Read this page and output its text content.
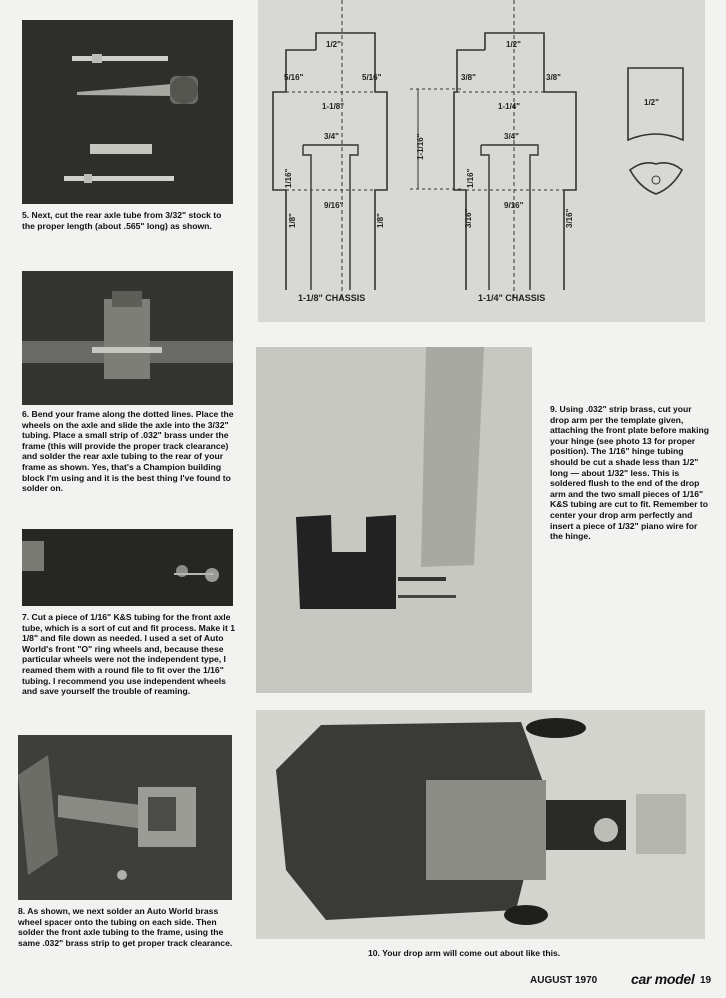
5. Next, cut the rear axle tube from 3/32" stock to the proper length (about .565" long) as shown.

6. Bend your frame along the dotted lines. Place the wheels on the axle and slide the axle into the 3/32" tubing. Place a small strip of .032" brass under the frame (this will provide the proper track clearance) and solder the rear axle tubing to the rear of your frame as shown. Yes, that's a Champion building block I'm using and it is the best thing I've found to solder on.

7. Cut a piece of 1/16" K&S tubing for the front axle tube, which is a sort of cut and fit process. Make it 1 1/8" and file down as needed. I used a set of Auto World's front "O" ring wheels and, because these particular wheels were not the independent type, I reamed them with a round file to fit over the 1/16" tubing. I recommend you use independent wheels and save yourself the trouble of reaming.

8. As shown, we next solder an Auto World brass wheel spacer onto the tubing on each side. Then solder the front axle tubing to the frame, using the same .032" brass strip to get proper track clearance.

1/2"
5/16"	5/16"
1-1/8"
3/4"
1/16"
1/8"	1/8"
9/16"
1-1/8" CHASSIS
1-1/16"
1/2"
3/8"	3/8"
1-1/4"
3/4"
1/16"
3/16"	3/16"
9/16"
1-1/4" CHASSIS
1/2"

9. Using .032" strip brass, cut your drop arm per the template given, attaching the front plate before making your hinge (see photo 13 for proper position). The 1/16" hinge tubing should be cut a shade less than 1/2" long — about 1/32" less. This is soldered flush to the end of the drop arm and the two small pieces of 1/16" K&S tubing are cut to fit. Remember to center your drop arm perfectly and insert a piece of 1/32" piano wire for the hinge.

10. Your drop arm will come out about like this.

AUGUST 1970 car model 19
